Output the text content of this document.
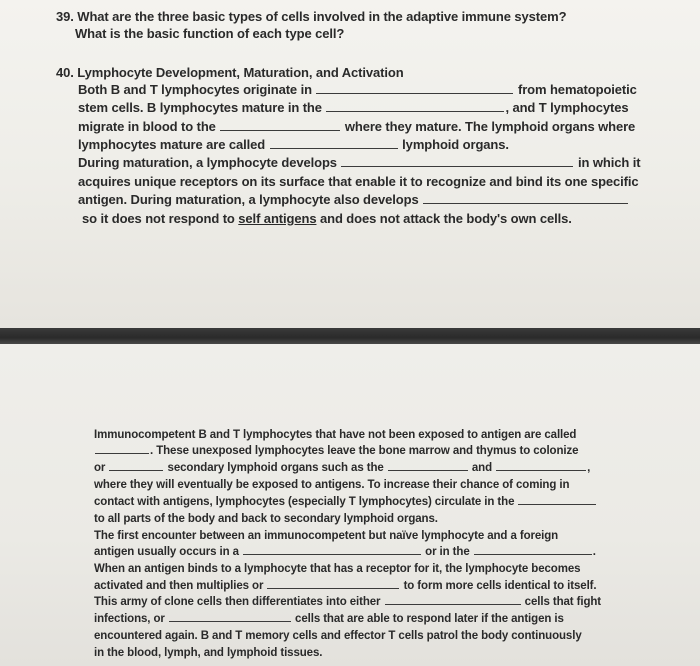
39. What are the three basic types of cells involved in the adaptive immune system?
What is the basic function of each type cell?
40. Lymphocyte Development, Maturation, and Activation
Both B and T lymphocytes originate in	from hematopoietic
stem cells. B lymphocytes mature in the	, and T lymphocytes
migrate in blood to the	where they mature. The lymphoid organs where
lymphocytes mature are called	lymphoid organs.
During maturation, a lymphocyte develops	in which it
acquires unique receptors on its surface that enable it to recognize and bind its one specific
antigen. During maturation, a lymphocyte also develops
so it does not respond to self antigens and does not attack the body's own cells.
Immunocompetent B and T lymphocytes that have not been exposed to antigen are called
. These unexposed lymphocytes leave the bone marrow and thymus to colonize
or	secondary lymphoid organs such as the	and	,
where they will eventually be exposed to antigens. To increase their chance of coming in
contact with antigens, lymphocytes (especially T lymphocytes) circulate in the
to all parts of the body and back to secondary lymphoid organs.
The first encounter between an immunocompetent but naïve lymphocyte and a foreign
antigen usually occurs in a	or in the	.
When an antigen binds to a lymphocyte that has a receptor for it, the lymphocyte becomes
activated and then multiplies or	to form more cells identical to itself.
This army of clone cells then differentiates into either	cells that fight
infections, or	cells that are able to respond later if the antigen is
encountered again. B and T memory cells and effector T cells patrol the body continuously
in the blood, lymph, and lymphoid tissues.
